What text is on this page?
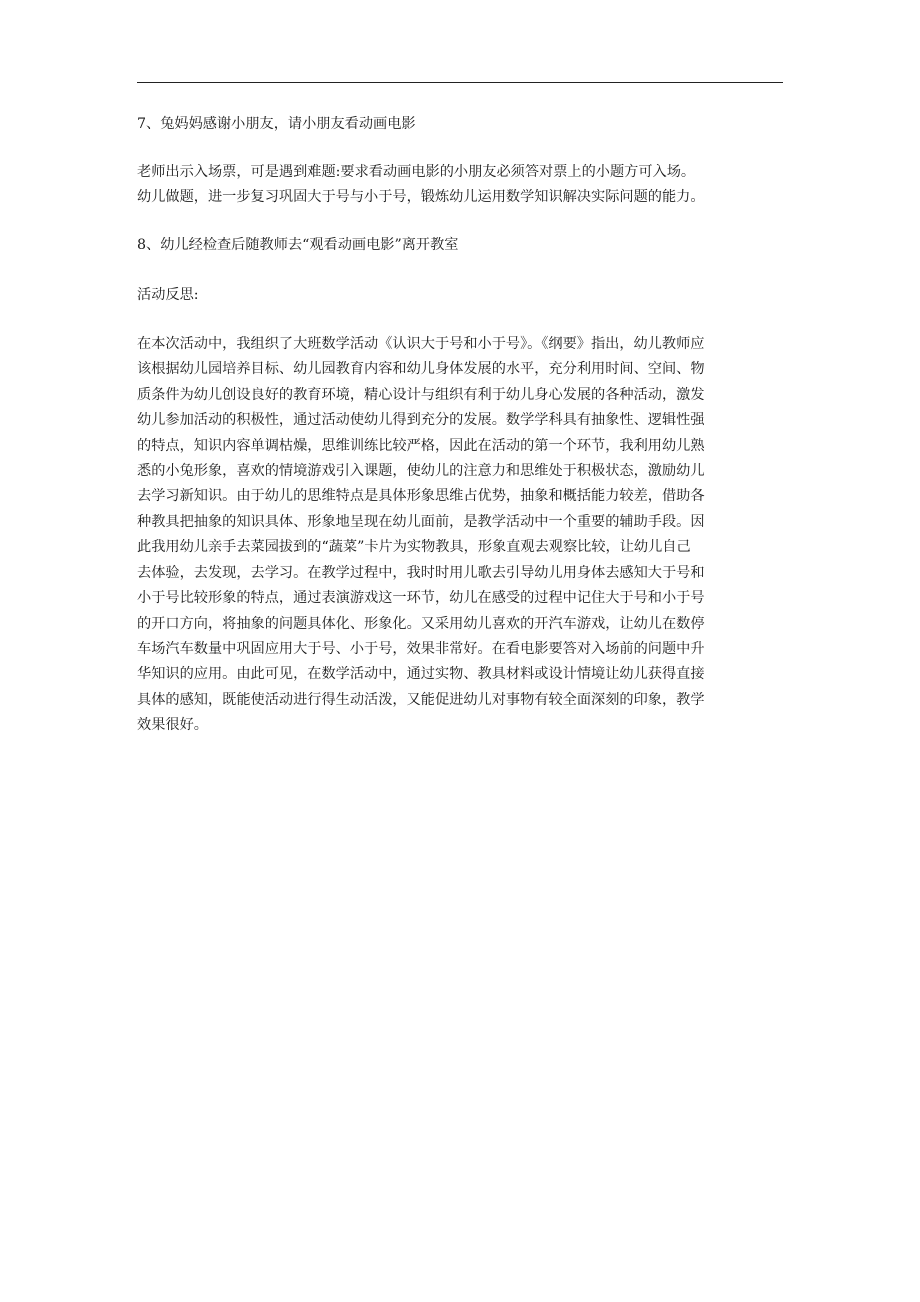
7、兔妈妈感谢小朋友，请小朋友看动画电影

老师出示入场票，可是遇到难题:要求看动画电影的小朋友必须答对票上的小题方可入场。

幼儿做题，进一步复习巩固大于号与小于号，锻炼幼儿运用数学知识解决实际问题的能力。

8、幼儿经检查后随教师去“观看动画电影”离开教室

活动反思:

在本次活动中，我组织了大班数学活动《认识大于号和小于号》。《纲要》指出，幼儿教师应

该根据幼儿园培养目标、幼儿园教育内容和幼儿身体发展的水平，充分利用时间、空间、物

质条件为幼儿创设良好的教育环境，精心设计与组织有利于幼儿身心发展的各种活动，激发

幼儿参加活动的积极性，通过活动使幼儿得到充分的发展。数学学科具有抽象性、逻辑性强

的特点，知识内容单调枯燥，思维训练比较严格，因此在活动的第一个环节，我利用幼儿熟

悉的小兔形象，喜欢的情境游戏引入课题，使幼儿的注意力和思维处于积极状态，激励幼儿

去学习新知识。由于幼儿的思维特点是具体形象思维占优势，抽象和概括能力较差，借助各

种教具把抽象的知识具体、形象地呈现在幼儿面前，是教学活动中一个重要的辅助手段。因

此我用幼儿亲手去菜园拔到的“蔬菜”卡片为实物教具，形象直观去观察比较，让幼儿自己

去体验，去发现，去学习。在教学过程中，我时时用儿歌去引导幼儿用身体去感知大于号和

小于号比较形象的特点，通过表演游戏这一环节，幼儿在感受的过程中记住大于号和小于号

的开口方向，将抽象的问题具体化、形象化。又采用幼儿喜欢的开汽车游戏，让幼儿在数停

车场汽车数量中巩固应用大于号、小于号，效果非常好。在看电影要答对入场前的问题中升

华知识的应用。由此可见，在数学活动中，通过实物、教具材料或设计情境让幼儿获得直接

具体的感知，既能使活动进行得生动活泼，又能促进幼儿对事物有较全面深刻的印象，教学

效果很好。
